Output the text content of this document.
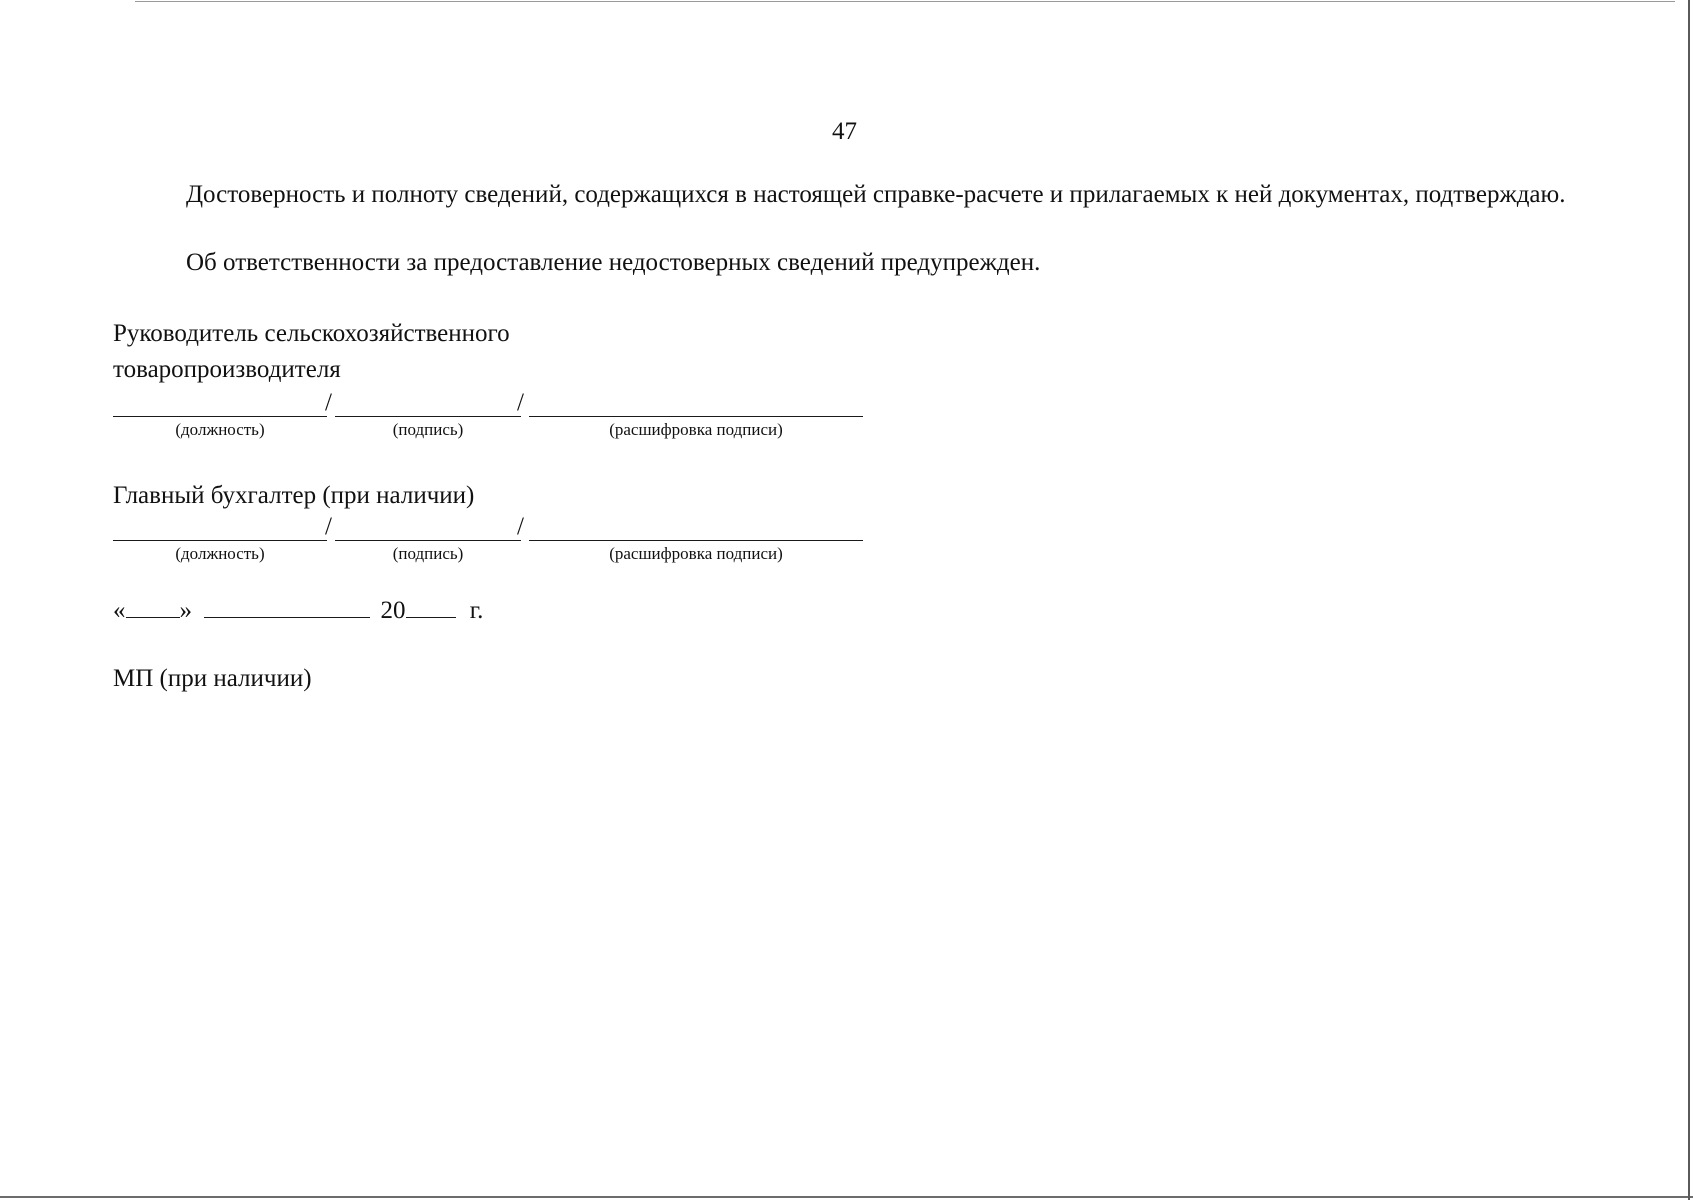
47
Достоверность и полноту сведений, содержащихся в настоящей справке-расчете и прилагаемых к ней документах, подтверждаю.
Об ответственности за предоставление недостоверных сведений предупрежден.
Руководитель сельскохозяйственного
товаропроизводителя
/	/
(должность)	(подпись)	(расшифровка подписи)
Главный бухгалтер (при наличии)
/	/
(должность)	(подпись)	(расшифровка подписи)
« »	20	г.
МП (при наличии)
